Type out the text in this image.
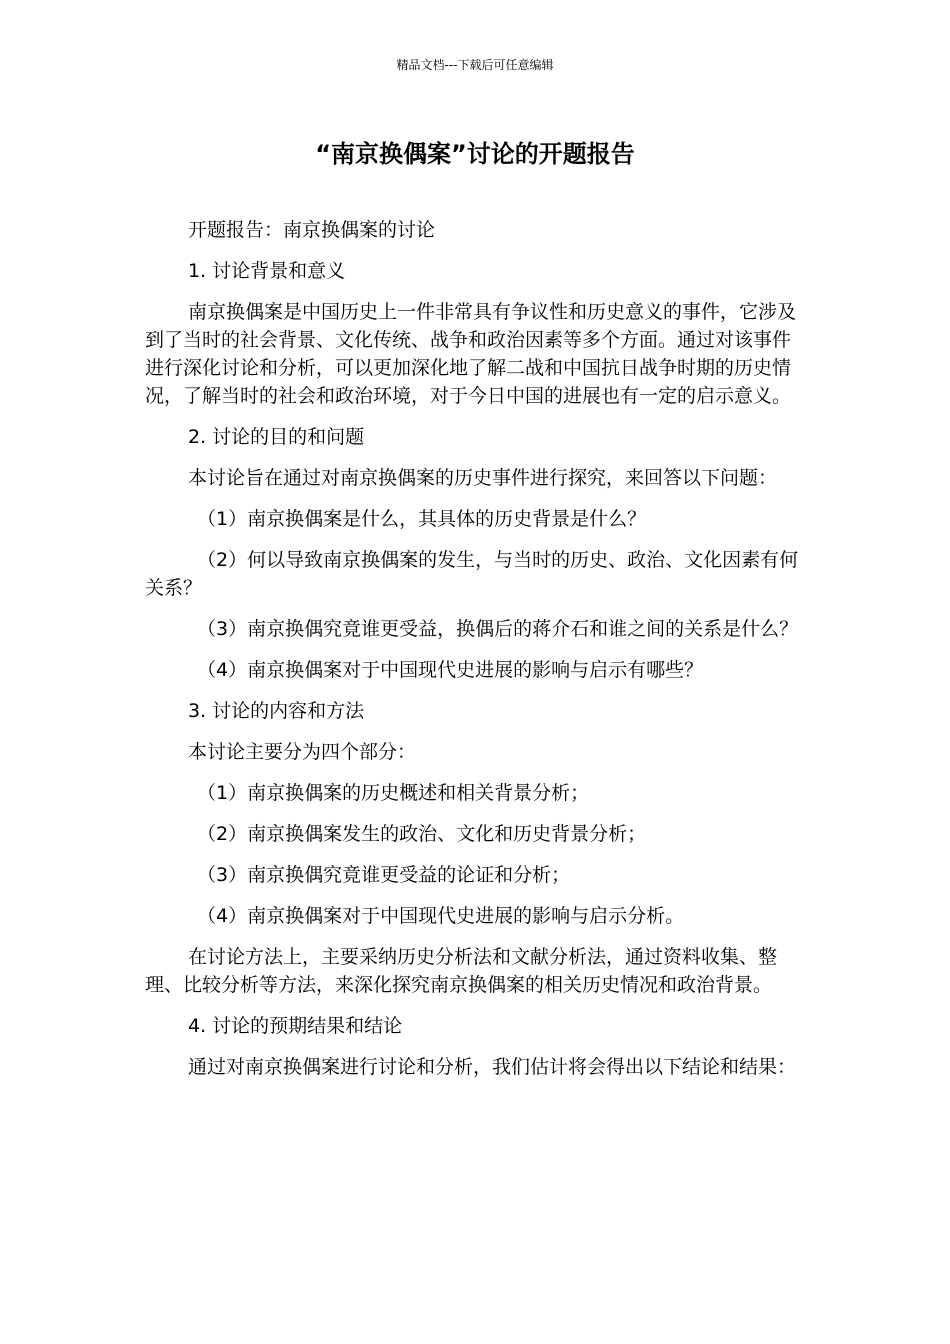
精品文档---下载后可任意编辑
“南京换偶案”讨论的开题报告

开题报告：南京换偶案的讨论

1. 讨论背景和意义

南京换偶案是中国历史上一件非常具有争议性和历史意义的事件，它涉及到了当时的社会背景、文化传统、战争和政治因素等多个方面。通过对该事件进行深化讨论和分析，可以更加深化地了解二战和中国抗日战争时期的历史情况，了解当时的社会和政治环境，对于今日中国的进展也有一定的启示意义。

2. 讨论的目的和问题

本讨论旨在通过对南京换偶案的历史事件进行探究，来回答以下问题：

（1）南京换偶案是什么，其具体的历史背景是什么？

（2）何以导致南京换偶案的发生，与当时的历史、政治、文化因素有何关系？

（3）南京换偶究竟谁更受益，换偶后的蒋介石和谁之间的关系是什么？

（4）南京换偶案对于中国现代史进展的影响与启示有哪些？

3. 讨论的内容和方法

本讨论主要分为四个部分：

（1）南京换偶案的历史概述和相关背景分析；

（2）南京换偶案发生的政治、文化和历史背景分析；

（3）南京换偶究竟谁更受益的论证和分析；

（4）南京换偶案对于中国现代史进展的影响与启示分析。

在讨论方法上，主要采纳历史分析法和文献分析法，通过资料收集、整理、比较分析等方法，来深化探究南京换偶案的相关历史情况和政治背景。

4. 讨论的预期结果和结论

通过对南京换偶案进行讨论和分析，我们估计将会得出以下结论和结果：
